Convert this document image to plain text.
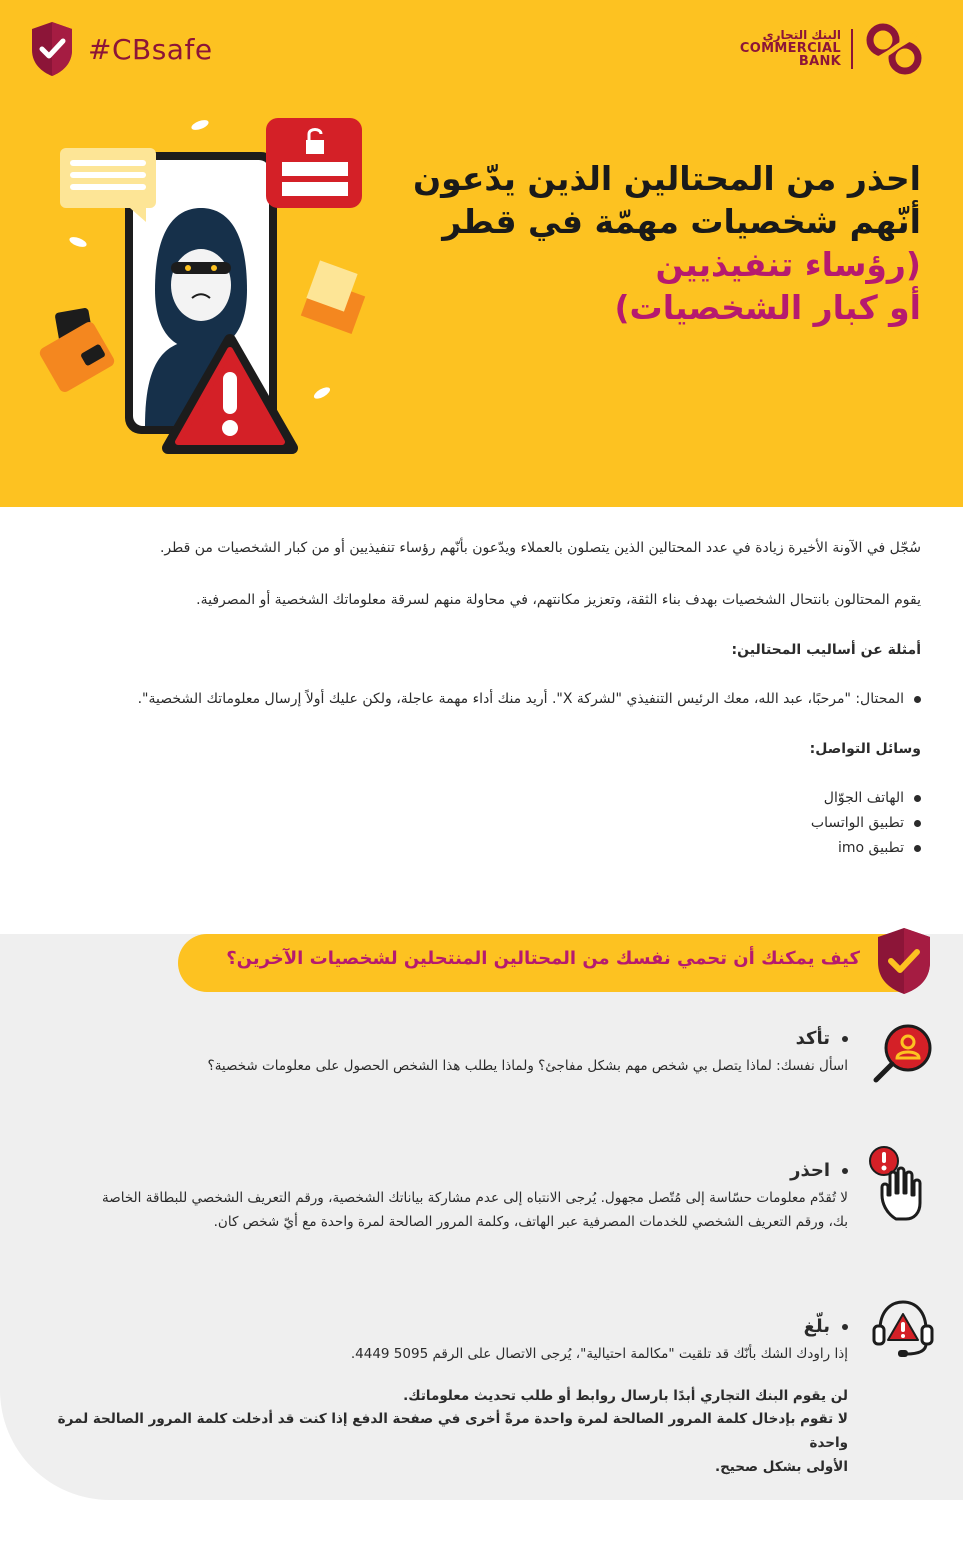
#CBsafe	البنك التجاري
COMMERCIAL
BANK
احذر من المحتالين الذين يدّعون
أنّهم شخصيات مهمّة في قطر
(رؤساء تنفيذيين
أو كبار الشخصيات)
سُجّل في الآونة الأخيرة زيادة في عدد المحتالين الذين يتصلون بالعملاء ويدّعون بأنّهم رؤساء تنفيذيين أو من كبار الشخصيات من قطر.
يقوم المحتالون بانتحال الشخصيات بهدف بناء الثقة، وتعزيز مكانتهم، في محاولة منهم لسرقة معلوماتك الشخصية أو المصرفية.
أمثلة عن أساليب المحتالين:
المحتال: "مرحبًا، عبد الله، معك الرئيس التنفيذي "لشركة X". أريد منك أداء مهمة عاجلة، ولكن عليك أولاً إرسال معلوماتك الشخصية".
وسائل التواصل:
الهاتف الجوّال
تطبيق الواتساب
تطبيق imo
كيف يمكنك أن تحمي نفسك من المحتالين المنتحلين لشخصيات الآخرين؟
تأكد
اسأل نفسك: لماذا يتصل بي شخص مهم بشكل مفاجئ؟ ولماذا يطلب هذا الشخص الحصول على معلومات شخصية؟
احذر
لا تُقدّم معلومات حسّاسة إلى مُتّصل مجهول. يُرجى الانتباه إلى عدم مشاركة بياناتك الشخصية، ورقم التعريف الشخصي للبطاقة الخاصة
بك، ورقم التعريف الشخصي للخدمات المصرفية عبر الهاتف، وكلمة المرور الصالحة لمرة واحدة مع أيّ شخص كان.
بلّغ
إذا راودك الشك بأنّك قد تلقيت "مكالمة احتيالية"، يُرجى الاتصال على الرقم 5095 4449.
لن يقوم البنك التجاري أبدًا بارسال روابط أو طلب تحديث معلوماتك.
لا تقوم بإدخال كلمة المرور الصالحة لمرة واحدة مرةً أخرى في صفحة الدفع إذا كنت قد أدخلت كلمة المرور الصالحة لمرة واحدة
الأولى بشكل صحيح.
